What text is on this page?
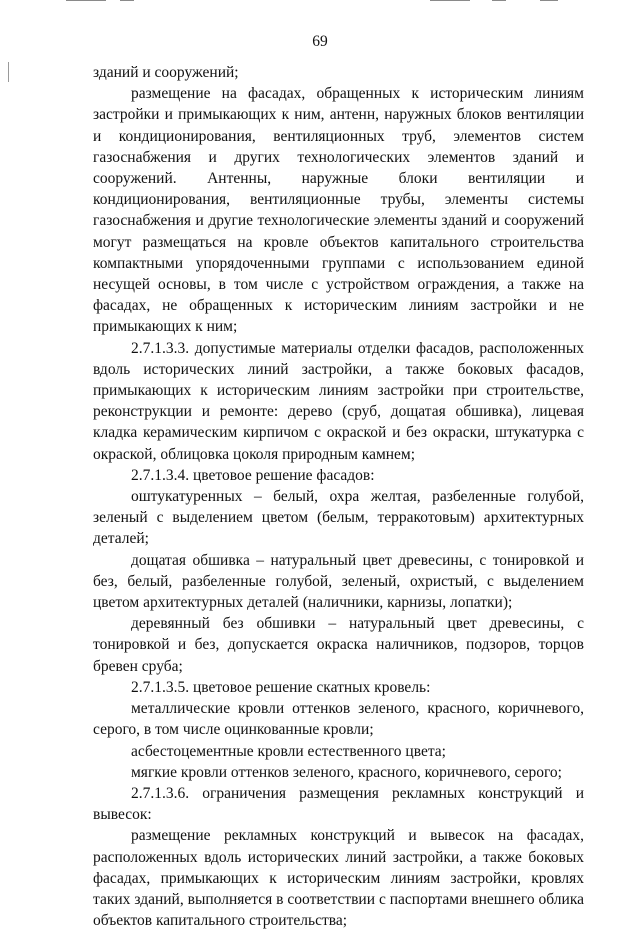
69

зданий и сооружений;

размещение на фасадах, обращенных к историческим линиям застройки и примыкающих к ним, антенн, наружных блоков вентиляции и кондиционирования, вентиляционных труб, элементов систем газоснабжения и других технологических элементов зданий и сооружений. Антенны, наружные блоки вентиляции и кондиционирования, вентиляционные трубы, элементы системы газоснабжения и другие технологические элементы зданий и сооружений могут размещаться на кровле объектов капитального строительства компактными упорядоченными группами с использованием единой несущей основы, в том числе с устройством ограждения, а также на фасадах, не обращенных к историческим линиям застройки и не примыкающих к ним;

2.7.1.3.3. допустимые материалы отделки фасадов, расположенных вдоль исторических линий застройки, а также боковых фасадов, примыкающих к историческим линиям застройки при строительстве, реконструкции и ремонте: дерево (сруб, дощатая обшивка), лицевая кладка керамическим кирпичом с окраской и без окраски, штукатурка с окраской, облицовка цоколя природным камнем;

2.7.1.3.4. цветовое решение фасадов:

оштукатуренных – белый, охра желтая, разбеленные голубой, зеленый с выделением цветом (белым, терракотовым) архитектурных деталей;

дощатая обшивка – натуральный цвет древесины, с тонировкой и без, белый, разбеленные голубой, зеленый, охристый, с выделением цветом архитектурных деталей (наличники, карнизы, лопатки);

деревянный без обшивки – натуральный цвет древесины, с тонировкой и без, допускается окраска наличников, подзоров, торцов бревен сруба;

2.7.1.3.5. цветовое решение скатных кровель:

металлические кровли оттенков зеленого, красного, коричневого, серого, в том числе оцинкованные кровли;

асбестоцементные кровли естественного цвета;

мягкие кровли оттенков зеленого, красного, коричневого, серого;

2.7.1.3.6. ограничения размещения рекламных конструкций и вывесок:

размещение рекламных конструкций и вывесок на фасадах, расположенных вдоль исторических линий застройки, а также боковых фасадах, примыкающих к историческим линиям застройки, кровлях таких зданий, выполняется в соответствии с паспортами внешнего облика объектов капитального строительства;
